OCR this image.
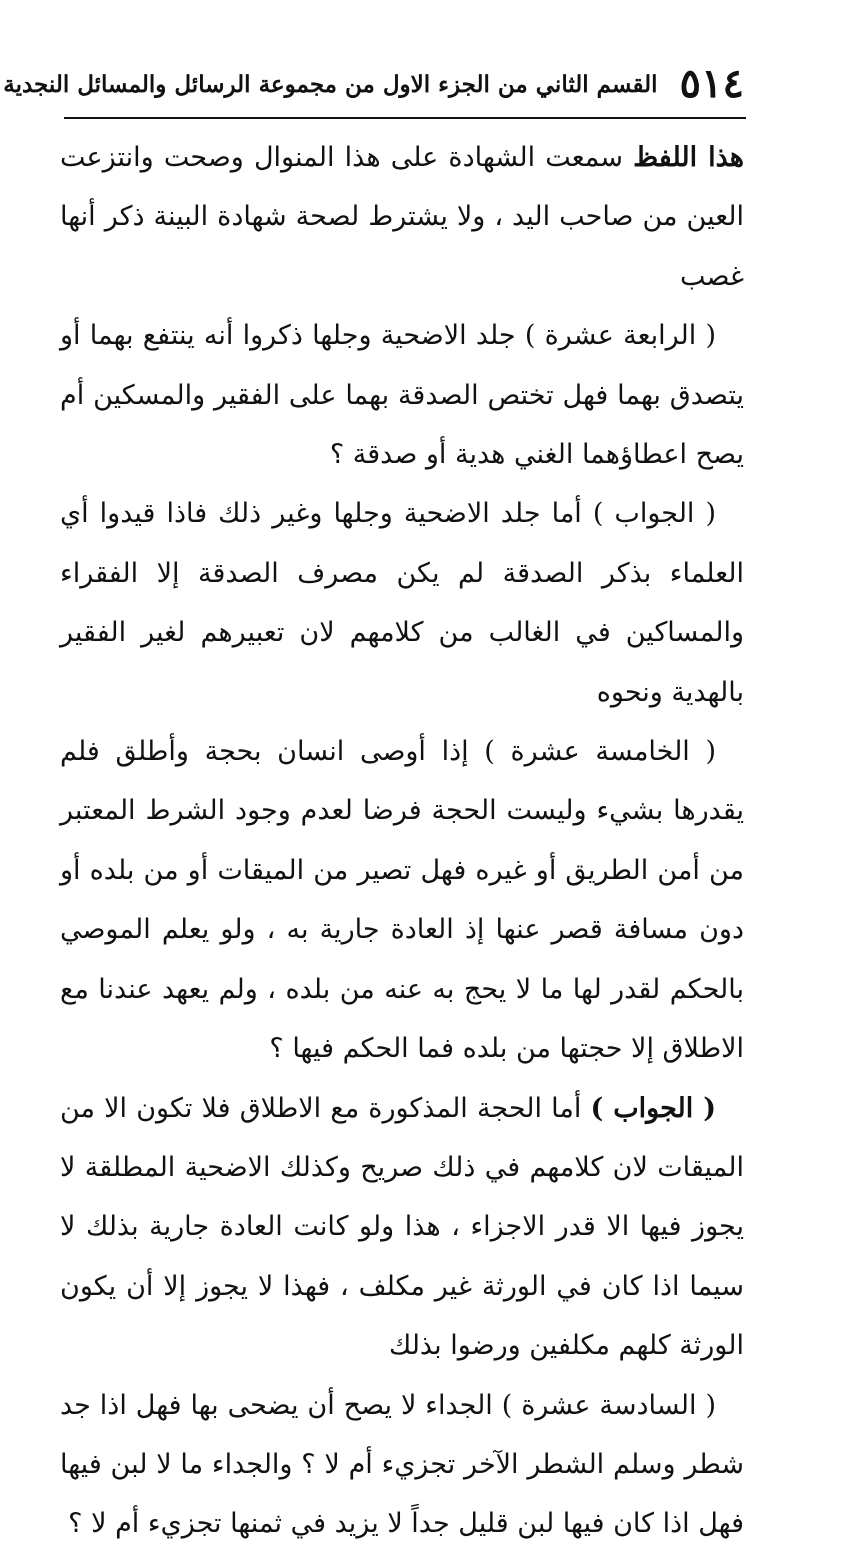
٥١٤
القسم الثاني من الجزء الاول من مجموعة الرسائل والمسائل النجدية

هذا اللفظ سمعت الشهادة على هذا المنوال وصحت وانتزعت العين من صاحب اليد ، ولا يشترط لصحة شهادة البينة ذكر أنها غصب

( الرابعة عشرة ) جلد الاضحية وجلها ذكروا أنه ينتفع بهما أو يتصدق بهما فهل تختص الصدقة بهما على الفقير والمسكين أم يصح اعطاؤهما الغني هدية أو صدقة ؟

( الجواب ) أما جلد الاضحية وجلها وغير ذلك فاذا قيدوا أي العلماء بذكر الصدقة لم يكن مصرف الصدقة إلا الفقراء والمساكين في الغالب من كلامهم لان تعبيرهم لغير الفقير بالهدية ونحوه

( الخامسة عشرة ) إذا أوصى انسان بحجة وأطلق فلم يقدرها بشيء وليست الحجة فرضا لعدم وجود الشرط المعتبر من أمن الطريق أو غيره فهل تصير من الميقات أو من بلده أو دون مسافة قصر عنها إذ العادة جارية به ، ولو يعلم الموصي بالحكم لقدر لها ما لا يحج به عنه من بلده ، ولم يعهد عندنا مع الاطلاق إلا حجتها من بلده فما الحكم فيها ؟

( الجواب ) أما الحجة المذكورة مع الاطلاق فلا تكون الا من الميقات لان كلامهم في ذلك صريح وكذلك الاضحية المطلقة لا يجوز فيها الا قدر الاجزاء ، هذا ولو كانت العادة جارية بذلك لا سيما اذا كان في الورثة غير مكلف ، فهذا لا يجوز إلا أن يكون الورثة كلهم مكلفين ورضوا بذلك

( السادسة عشرة ) الجداء لا يصح أن يضحى بها فهل اذا جد شطر وسلم الشطر الآخر تجزيء أم لا ؟ والجداء ما لا لبن فيها فهل اذا كان فيها لبن قليل جداً لا يزيد في ثمنها تجزيء أم لا ؟
